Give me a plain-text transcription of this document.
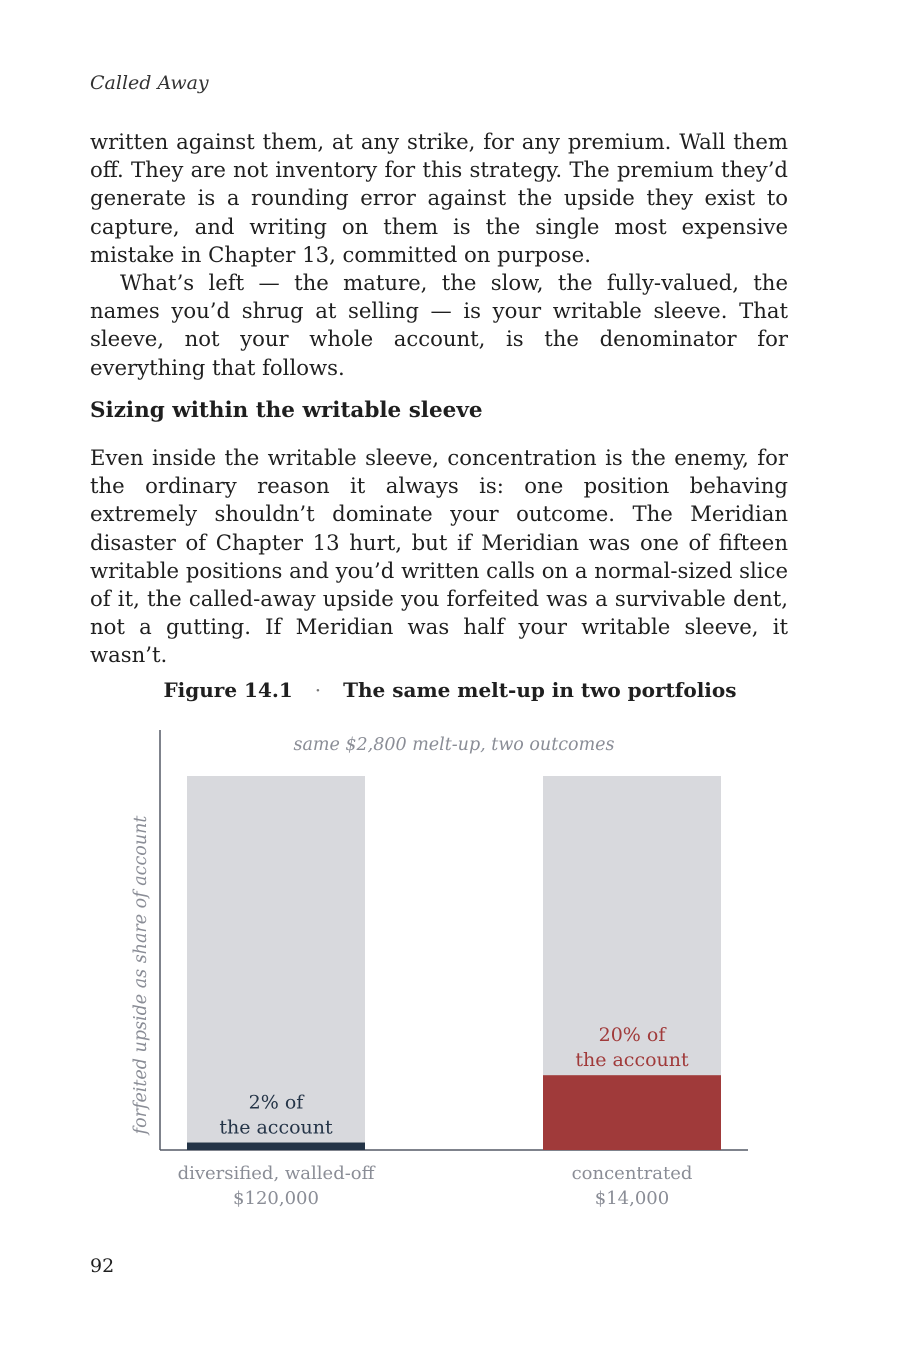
Called Away

written against them, at any strike, for any premium. Wall them off. They are not inventory for this strategy. The premium they’d generate is a rounding error against the upside they exist to capture, and writing on them is the single most expensive mistake in Chapter 13, committed on purpose.

What’s left — the mature, the slow, the fully-valued, the names you’d shrug at selling — is your writable sleeve. That sleeve, not your whole account, is the denominator for everything that follows.

Sizing within the writable sleeve

Even inside the writable sleeve, concentration is the enemy, for the ordinary reason it always is: one position behaving extremely shouldn’t dominate your outcome. The Meridian disaster of Chapter 13 hurt, but if Meridian was one of fifteen writable positions and you’d written calls on a normal-sized slice of it, the called-away upside you forfeited was a survivable dent, not a gutting. If Meridian was half your writable sleeve, it wasn’t.

Figure 14.1 · The same melt-up in two portfolios
same $2,800 melt-up, two outcomes
forfeited upside as share of account	2% of
the account
diversified, walled-off
$120,000
20% of
the account
concentrated
$14,000
92
